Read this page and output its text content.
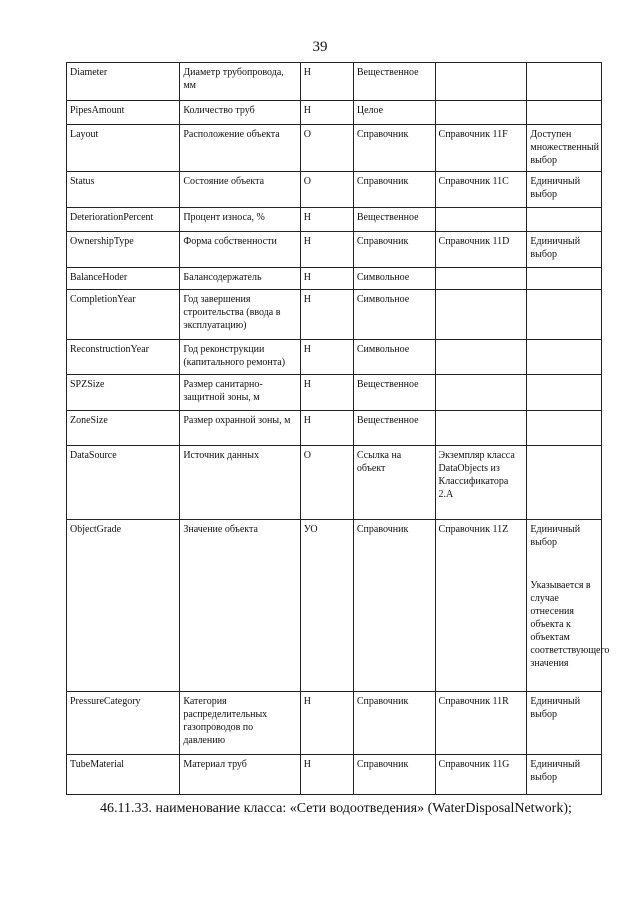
39
Diameter	Диаметр трубопровода, мм	Н	Вещественное		
PipesAmount	Количество труб	Н	Целое		
Layout	Расположение объекта	О	Справочник	Справочник 11F	Доступен множественный выбор
Status	Состояние объекта	О	Справочник	Справочник 11С	Единичный выбор
DeteriorationPercent	Процент износа, %	Н	Вещественное		
OwnershipType	Форма собственности	Н	Справочник	Справочник 11D	Единичный выбор
BalanceHoder	Балансодержатель	Н	Символьное		
CompletionYear	Год завершения строительства (ввода в эксплуатацию)	Н	Символьное		
ReconstructionYear	Год реконструкции (капитального ремонта)	Н	Символьное		
SPZSize	Размер санитарно-защитной зоны, м	Н	Вещественное		
ZoneSize	Размер охранной зоны, м	Н	Вещественное		
DataSource	Источник данных	О	Ссылка на объект	Экземпляр класса DataObjects из Классификатора 2.А	
ObjectGrade	Значение объекта	УО	Справочник	Справочник 11Z	Единичный выбор
Указывается в случае отнесения объекта к объектам соответствующего значения

PressureCategory	Категория распределительных газопроводов по давлению	Н	Справочник	Справочник 11R	Единичный выбор
TubeMaterial	Материал труб	Н	Справочник	Справочник 11G	Единичный выбор
46.11.33. наименование класса: «Сети водоотведения» (WaterDisposalNetwork);
